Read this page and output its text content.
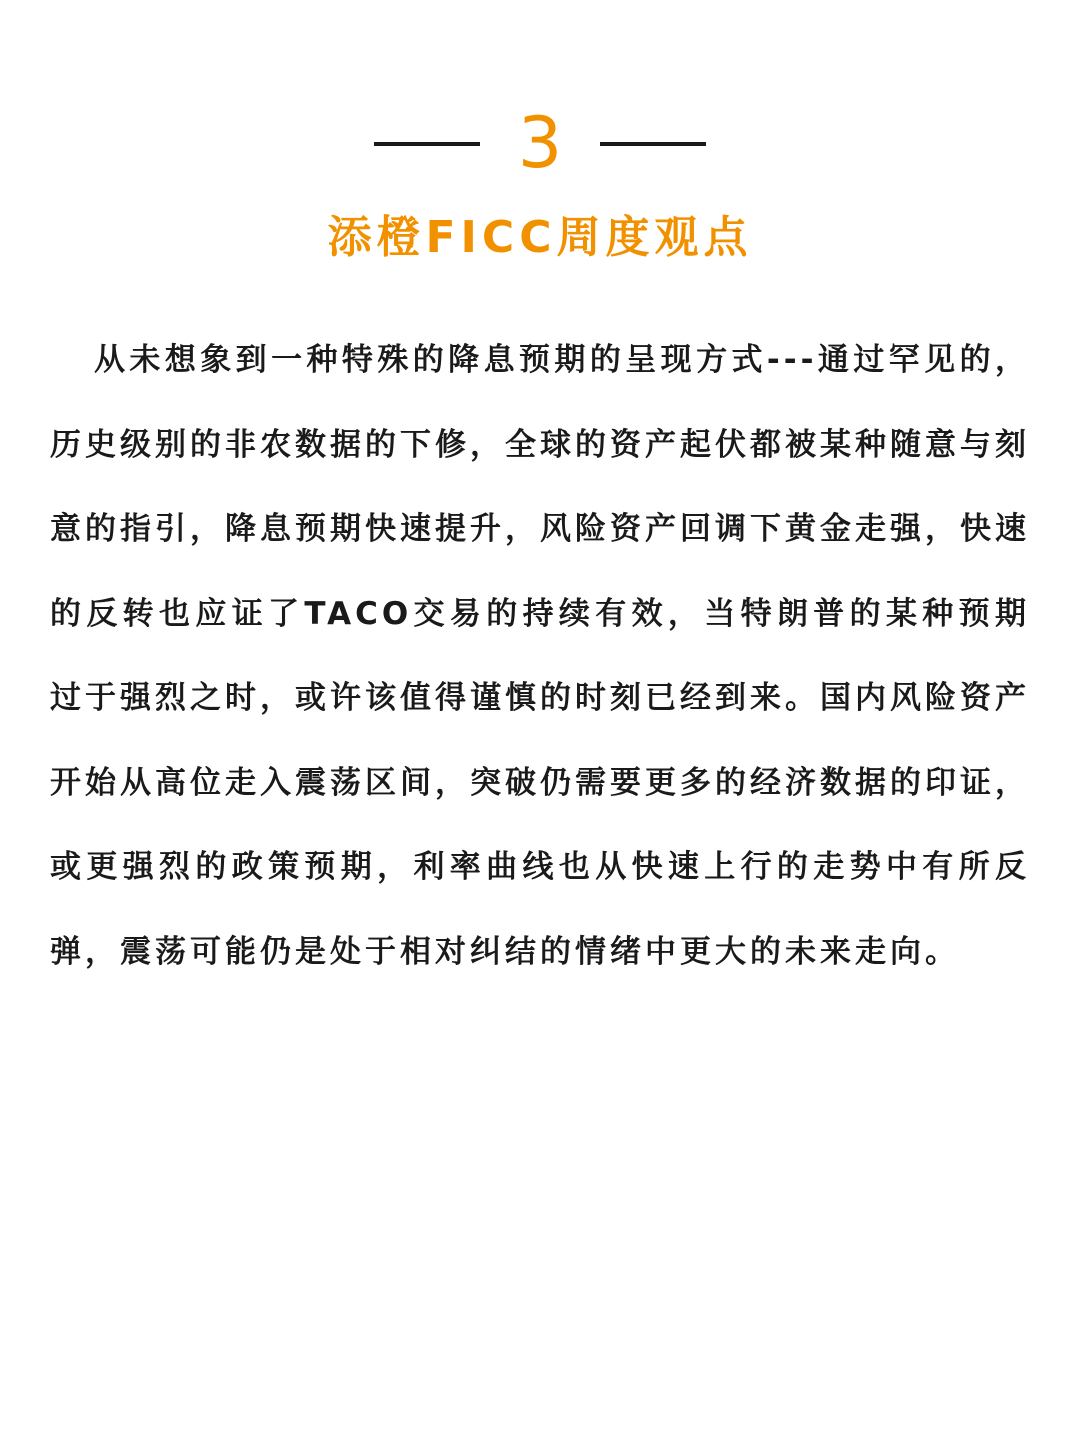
3
添橙FICC周度观点

从未想象到一种特殊的降息预期的呈现方式---通过罕见的，历史级别的非农数据的下修，全球的资产起伏都被某种随意与刻意的指引，降息预期快速提升，风险资产回调下黄金走强，快速的反转也应证了TACO交易的持续有效，当特朗普的某种预期过于强烈之时，或许该值得谨慎的时刻已经到来。国内风险资产开始从高位走入震荡区间，突破仍需要更多的经济数据的印证，或更强烈的政策预期，利率曲线也从快速上行的走势中有所反弹，震荡可能仍是处于相对纠结的情绪中更大的未来走向。
